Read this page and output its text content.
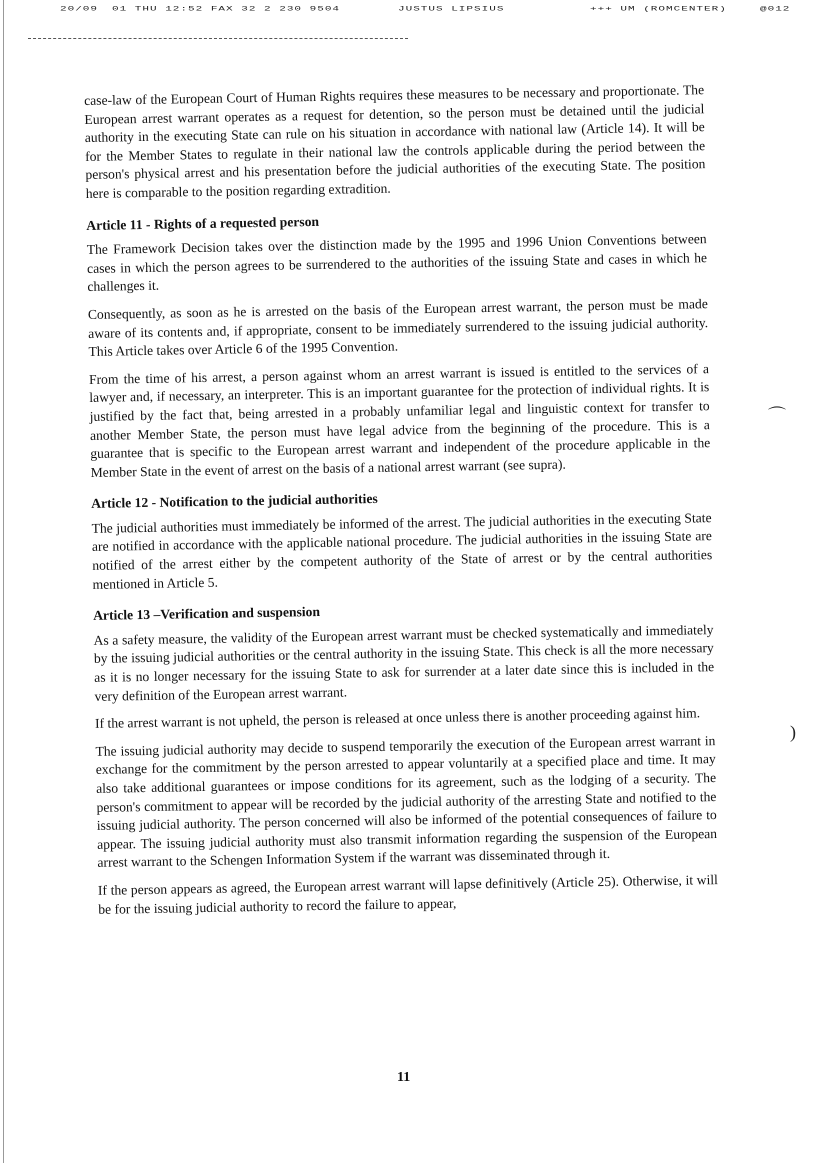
20/09 01 THU 12:52 FAX 32 2 230 9504	JUSTUS LIPSIUS	+++ UM (ROMCENTER)	@012

case-law of the European Court of Human Rights requires these measures to be necessary and proportionate. The European arrest warrant operates as a request for detention, so the person must be detained until the judicial authority in the executing State can rule on his situation in accordance with national law (Article 14). It will be for the Member States to regulate in their national law the controls applicable during the period between the person's physical arrest and his presentation before the judicial authorities of the executing State. The position here is comparable to the position regarding extradition.

Article 11 - Rights of a requested person

The Framework Decision takes over the distinction made by the 1995 and 1996 Union Conventions between cases in which the person agrees to be surrendered to the authorities of the issuing State and cases in which he challenges it.

Consequently, as soon as he is arrested on the basis of the European arrest warrant, the person must be made aware of its contents and, if appropriate, consent to be immediately surrendered to the issuing judicial authority. This Article takes over Article 6 of the 1995 Convention.

From the time of his arrest, a person against whom an arrest warrant is issued is entitled to the services of a lawyer and, if necessary, an interpreter. This is an important guarantee for the protection of individual rights. It is justified by the fact that, being arrested in a probably unfamiliar legal and linguistic context for transfer to another Member State, the person must have legal advice from the beginning of the procedure. This is a guarantee that is specific to the European arrest warrant and independent of the procedure applicable in the Member State in the event of arrest on the basis of a national arrest warrant (see supra).

Article 12 - Notification to the judicial authorities

The judicial authorities must immediately be informed of the arrest. The judicial authorities in the executing State are notified in accordance with the applicable national procedure. The judicial authorities in the issuing State are notified of the arrest either by the competent authority of the State of arrest or by the central authorities mentioned in Article 5.

Article 13 –Verification and suspension

As a safety measure, the validity of the European arrest warrant must be checked systematically and immediately by the issuing judicial authorities or the central authority in the issuing State. This check is all the more necessary as it is no longer necessary for the issuing State to ask for surrender at a later date since this is included in the very definition of the European arrest warrant.

If the arrest warrant is not upheld, the person is released at once unless there is another proceeding against him.

The issuing judicial authority may decide to suspend temporarily the execution of the European arrest warrant in exchange for the commitment by the person arrested to appear voluntarily at a specified place and time. It may also take additional guarantees or impose conditions for its agreement, such as the lodging of a security. The person's commitment to appear will be recorded by the judicial authority of the arresting State and notified to the issuing judicial authority. The person concerned will also be informed of the potential consequences of failure to appear. The issuing judicial authority must also transmit information regarding the suspension of the European arrest warrant to the Schengen Information System if the warrant was disseminated through it.

If the person appears as agreed, the European arrest warrant will lapse definitively (Article 25). Otherwise, it will be for the issuing judicial authority to record the failure to appear,

⌒
)
11
